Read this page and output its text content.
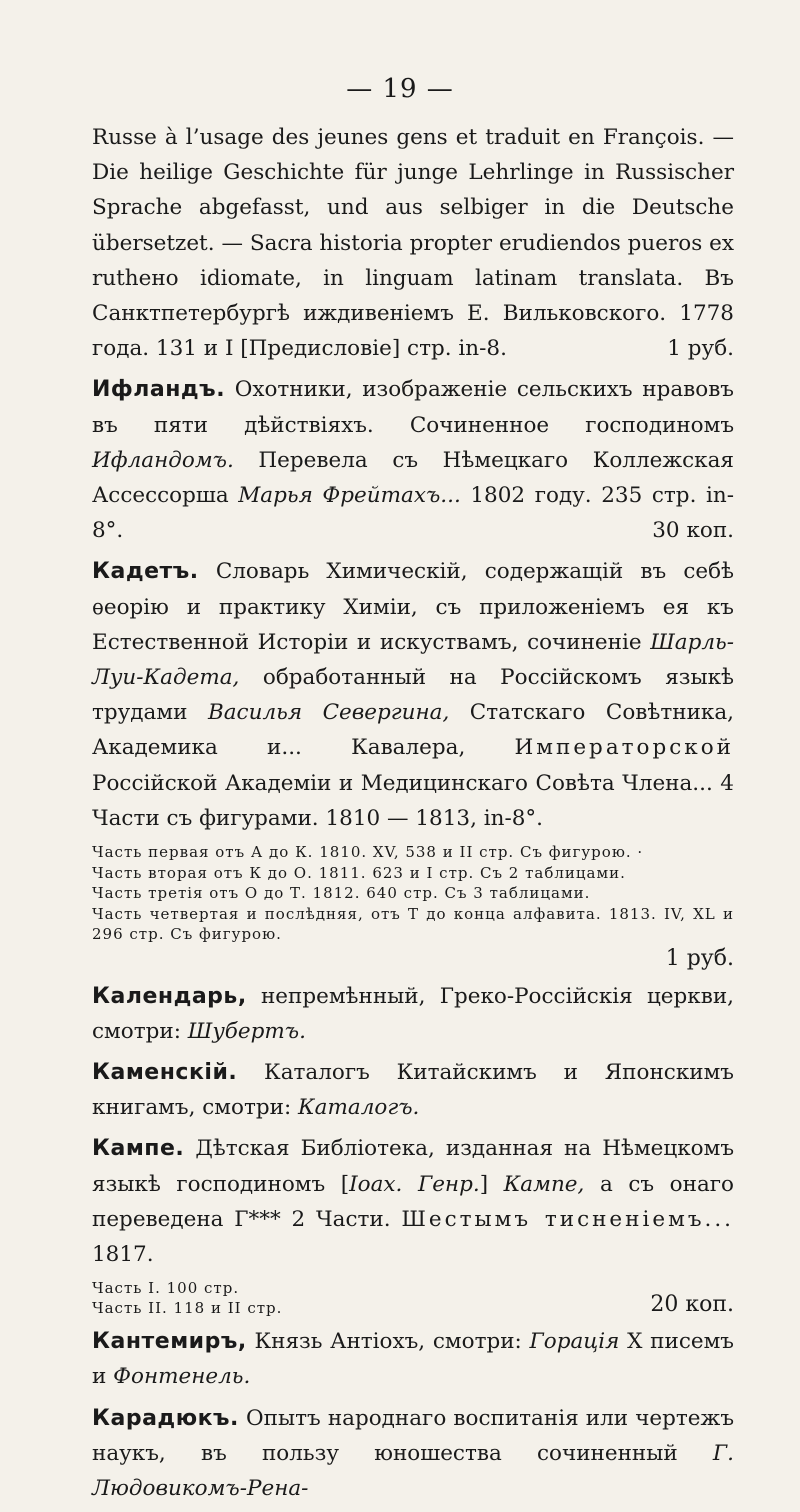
— 19 —

Russe à l’usage des jeunes gens et traduit en François. — Die heilige Geschichte für junge Lehrlinge in Russischer Sprache abgefasst, und aus selbiger in die Deutsche übersetzet. — Sacra historia propter erudiendos pueros ex ruthено idiomate, in linguam latinam translata. Въ Санктпетербургѣ иждивеніемъ Е. Вильковского. 1778 года. 131 и I [Предисловіе] стр. in-8.	1 руб.

Ифландъ. Охотники, изображеніе сельскихъ нравовъ въ пяти дѣйствіяхъ. Сочиненное господиномъ Ифландомъ. Перевела съ Нѣмецкаго Коллежская Ассессорша Марья Фрейтахъ... 1802 году. 235 стр. in-8°.	30 коп.

Кадетъ. Словарь Химическій, содержащій въ себѣ ѳеорію и практику Химіи, съ приложеніемъ ея къ Естественной Исторіи и искуствамъ, сочиненіе Шарль-Луи-Кадета, обработанный на Россійскомъ языкѣ трудами Василья Севергина, Статскаго Совѣтника, Академика и... Кавалера, Императорской Россійской Академіи и Медицинскаго Совѣта Члена... 4 Части съ фигурами. 1810 — 1813, in-8°.
Часть первая отъ А до К. 1810. XV, 538 и II стр. Съ фигурою. ·
Часть вторая отъ К до О. 1811. 623 и I стр. Съ 2 таблицами.
Часть третія отъ О до Т. 1812. 640 стр. Съ 3 таблицами.
Часть четвертая и послѣдняя, отъ Т до конца алфавита. 1813. IV, XL и 296 стр. Съ фигурою.
1 руб.

Календарь, непремѣнный, Греко-Россійскія церкви, смотри: Шубертъ.

Каменскій. Каталогъ Китайскимъ и Японскимъ книгамъ, смотри: Каталогъ.

Кампе. Дѣтская Библіотека, изданная на Нѣмецкомъ языкѣ господиномъ [Іоах. Генр.] Кампе, а съ онаго переведена Г*** 2 Части. Шестымъ тисненіемъ... 1817.
Часть I. 100 стр.
Часть II. 118 и II стр.	20 коп.

Кантемиръ, Князь Антіохъ, смотри: Горація X писемъ и Фонтенель.

Карадюкъ. Опытъ народнаго воспитанія или чертежъ наукъ, въ пользу юношества сочиненный Г. Людовикомъ-Рена-
